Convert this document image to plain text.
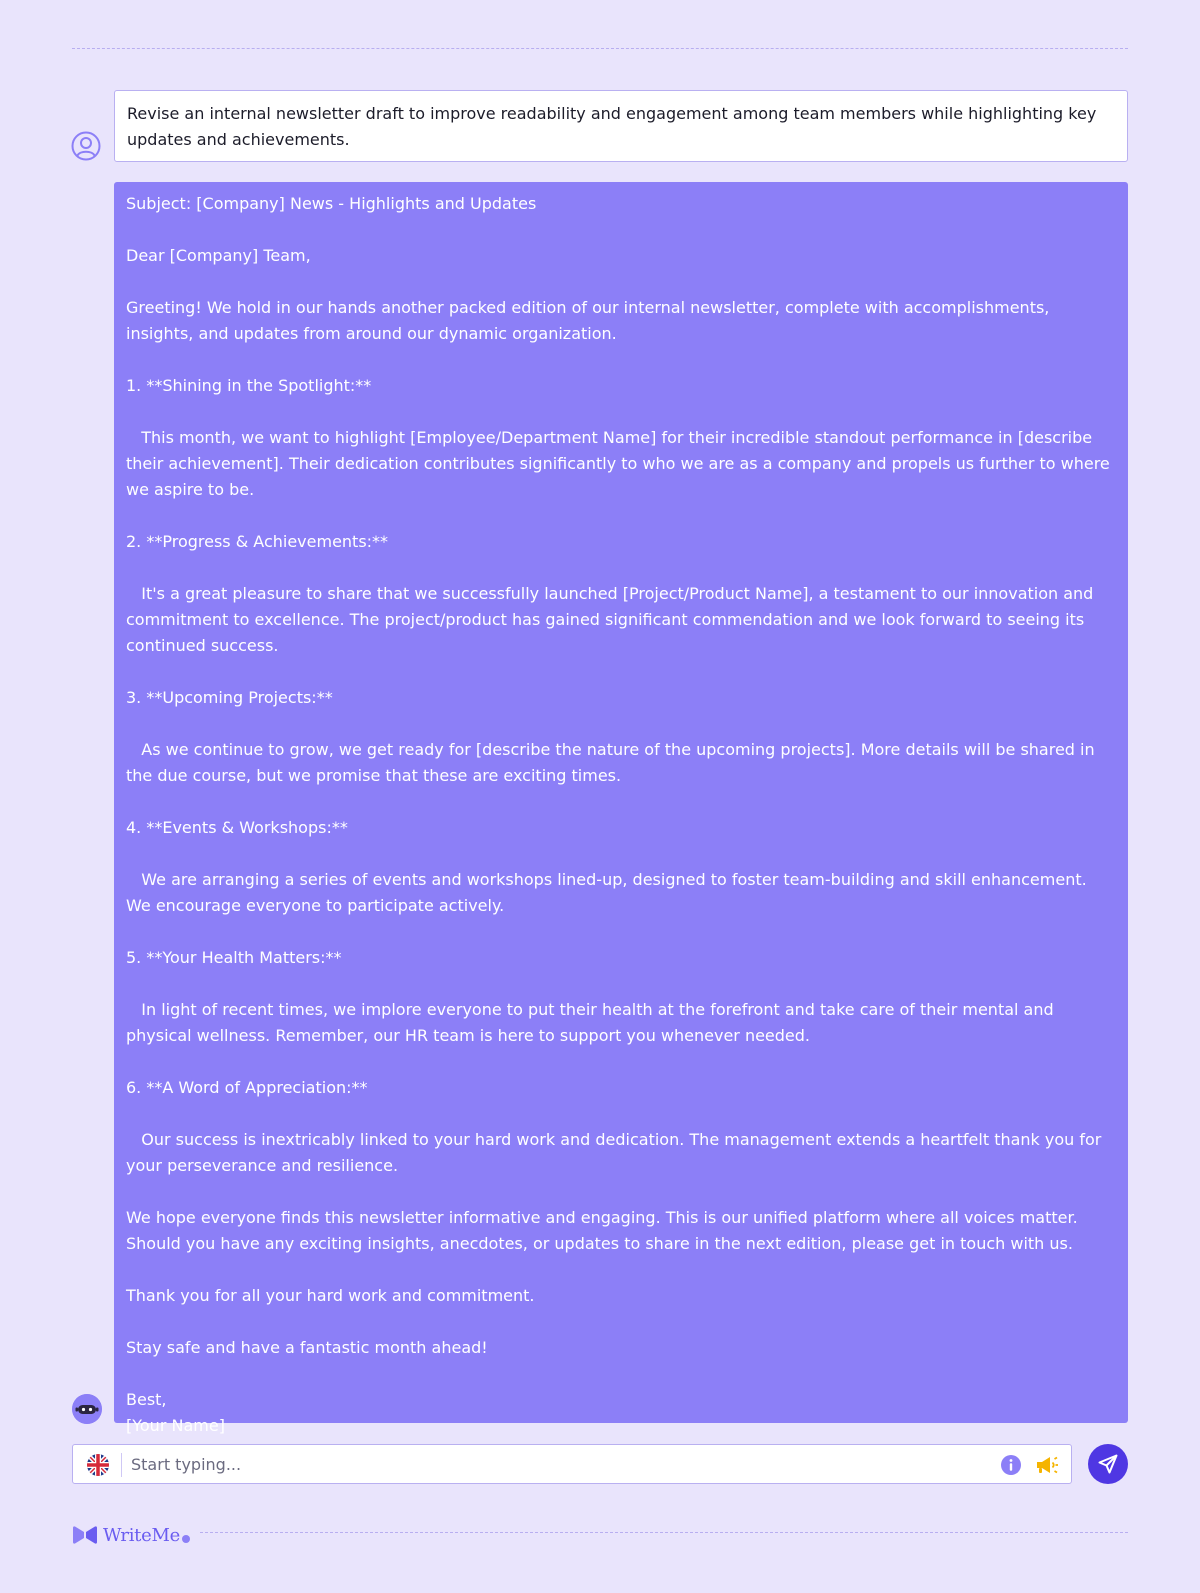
Revise an internal newsletter draft to improve readability and engagement among team members while highlighting key updates and achievements.
Subject: [Company] News - Highlights and Updates
Dear [Company] Team,
Greeting! We hold in our hands another packed edition of our internal newsletter, complete with accomplishments, insights, and updates from around our dynamic organization.
1. **Shining in the Spotlight:**
This month, we want to highlight [Employee/Department Name] for their incredible standout performance in [describe their achievement]. Their dedication contributes significantly to who we are as a company and propels us further to where we aspire to be.
2. **Progress & Achievements:**
It's a great pleasure to share that we successfully launched [Project/Product Name], a testament to our innovation and commitment to excellence. The project/product has gained significant commendation and we look forward to seeing its continued success.
3. **Upcoming Projects:**
As we continue to grow, we get ready for [describe the nature of the upcoming projects]. More details will be shared in the due course, but we promise that these are exciting times.
4. **Events & Workshops:**
We are arranging a series of events and workshops lined-up, designed to foster team-building and skill enhancement. We encourage everyone to participate actively.
5. **Your Health Matters:**
In light of recent times, we implore everyone to put their health at the forefront and take care of their mental and physical wellness. Remember, our HR team is here to support you whenever needed.
6. **A Word of Appreciation:**
Our success is inextricably linked to your hard work and dedication. The management extends a heartfelt thank you for your perseverance and resilience.
We hope everyone finds this newsletter informative and engaging. This is our unified platform where all voices matter. Should you have any exciting insights, anecdotes, or updates to share in the next edition, please get in touch with us.
Thank you for all your hard work and commitment.
Stay safe and have a fantastic month ahead!
Best,
[Your Name]
Start typing...
WriteMe
